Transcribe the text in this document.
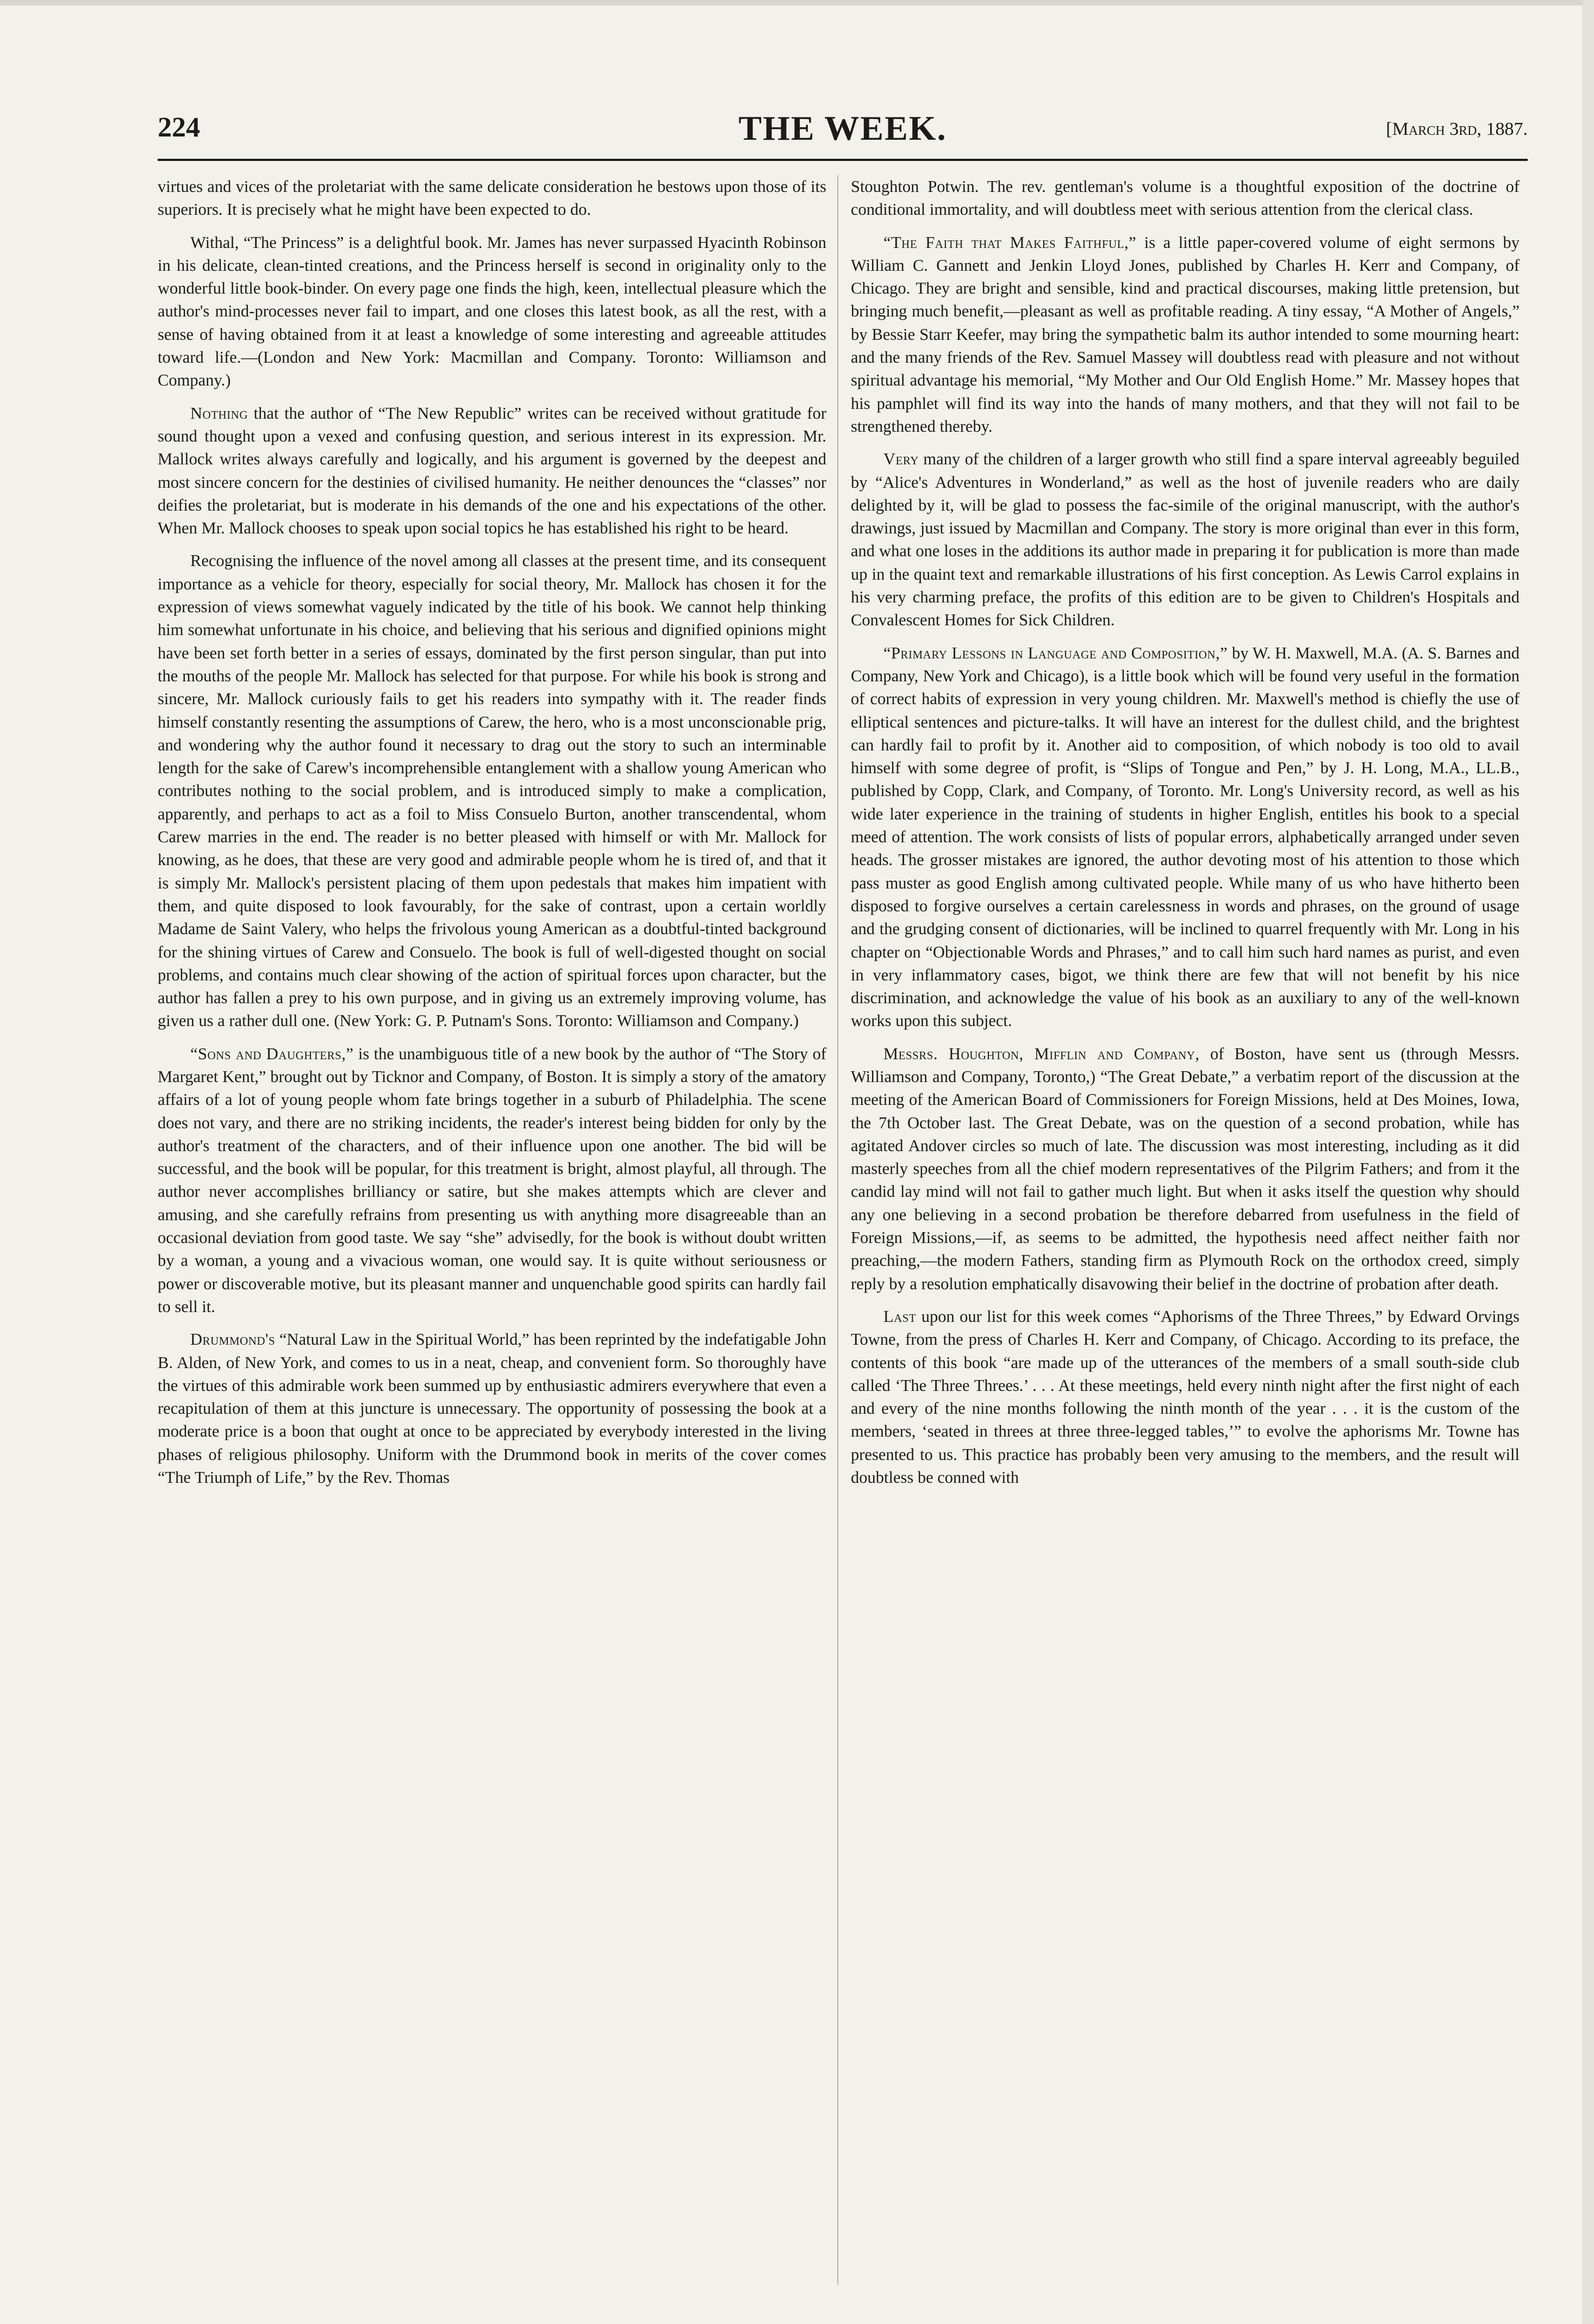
224	THE WEEK.	[March 3rd, 1887.

virtues and vices of the proletariat with the same delicate consideration he bestows upon those of its superiors. It is precisely what he might have been expected to do.

Withal, “The Princess” is a delightful book. Mr. James has never surpassed Hyacinth Robinson in his delicate, clean-tinted creations, and the Princess herself is second in originality only to the wonderful little book-binder. On every page one finds the high, keen, intellectual pleasure which the author's mind-processes never fail to impart, and one closes this latest book, as all the rest, with a sense of having obtained from it at least a knowledge of some interesting and agreeable attitudes toward life.—(London and New York: Macmillan and Company. Toronto: Williamson and Company.)

Nothing that the author of “The New Republic” writes can be received without gratitude for sound thought upon a vexed and confusing question, and serious interest in its expression. Mr. Mallock writes always carefully and logically, and his argument is governed by the deepest and most sincere concern for the destinies of civilised humanity. He neither denounces the “classes” nor deifies the proletariat, but is moderate in his demands of the one and his expectations of the other. When Mr. Mallock chooses to speak upon social topics he has established his right to be heard.

Recognising the influence of the novel among all classes at the present time, and its consequent importance as a vehicle for theory, especially for social theory, Mr. Mallock has chosen it for the expression of views somewhat vaguely indicated by the title of his book. We cannot help thinking him somewhat unfortunate in his choice, and believing that his serious and dignified opinions might have been set forth better in a series of essays, dominated by the first person singular, than put into the mouths of the people Mr. Mallock has selected for that purpose. For while his book is strong and sincere, Mr. Mallock curiously fails to get his readers into sympathy with it. The reader finds himself constantly resenting the assumptions of Carew, the hero, who is a most unconscionable prig, and wondering why the author found it necessary to drag out the story to such an interminable length for the sake of Carew's incomprehensible entanglement with a shallow young American who contributes nothing to the social problem, and is introduced simply to make a complication, apparently, and perhaps to act as a foil to Miss Consuelo Burton, another transcendental, whom Carew marries in the end. The reader is no better pleased with himself or with Mr. Mallock for knowing, as he does, that these are very good and admirable people whom he is tired of, and that it is simply Mr. Mallock's persistent placing of them upon pedestals that makes him impatient with them, and quite disposed to look favourably, for the sake of contrast, upon a certain worldly Madame de Saint Valery, who helps the frivolous young American as a doubtful-tinted background for the shining virtues of Carew and Consuelo. The book is full of well-digested thought on social problems, and contains much clear showing of the action of spiritual forces upon character, but the author has fallen a prey to his own purpose, and in giving us an extremely improving volume, has given us a rather dull one. (New York: G. P. Putnam's Sons. Toronto: Williamson and Company.)

“Sons and Daughters,” is the unambiguous title of a new book by the author of “The Story of Margaret Kent,” brought out by Ticknor and Company, of Boston. It is simply a story of the amatory affairs of a lot of young people whom fate brings together in a suburb of Philadelphia. The scene does not vary, and there are no striking incidents, the reader's interest being bidden for only by the author's treatment of the characters, and of their influence upon one another. The bid will be successful, and the book will be popular, for this treatment is bright, almost playful, all through. The author never accomplishes brilliancy or satire, but she makes attempts which are clever and amusing, and she carefully refrains from presenting us with anything more disagreeable than an occasional deviation from good taste. We say “she” advisedly, for the book is without doubt written by a woman, a young and a vivacious woman, one would say. It is quite without seriousness or power or discoverable motive, but its pleasant manner and unquenchable good spirits can hardly fail to sell it.

Drummond's “Natural Law in the Spiritual World,” has been reprinted by the indefatigable John B. Alden, of New York, and comes to us in a neat, cheap, and convenient form. So thoroughly have the virtues of this admirable work been summed up by enthusiastic admirers everywhere that even a recapitulation of them at this juncture is unnecessary. The opportunity of possessing the book at a moderate price is a boon that ought at once to be appreciated by everybody interested in the living phases of religious philosophy. Uniform with the Drummond book in merits of the cover comes “The Triumph of Life,” by the Rev. Thomas

Stoughton Potwin. The rev. gentleman's volume is a thoughtful exposition of the doctrine of conditional immortality, and will doubtless meet with serious attention from the clerical class.

“The Faith that Makes Faithful,” is a little paper-covered volume of eight sermons by William C. Gannett and Jenkin Lloyd Jones, published by Charles H. Kerr and Company, of Chicago. They are bright and sensible, kind and practical discourses, making little pretension, but bringing much benefit,—pleasant as well as profitable reading. A tiny essay, “A Mother of Angels,” by Bessie Starr Keefer, may bring the sympathetic balm its author intended to some mourning heart: and the many friends of the Rev. Samuel Massey will doubtless read with pleasure and not without spiritual advantage his memorial, “My Mother and Our Old English Home.” Mr. Massey hopes that his pamphlet will find its way into the hands of many mothers, and that they will not fail to be strengthened thereby.

Very many of the children of a larger growth who still find a spare interval agreeably beguiled by “Alice's Adventures in Wonderland,” as well as the host of juvenile readers who are daily delighted by it, will be glad to possess the fac-simile of the original manuscript, with the author's drawings, just issued by Macmillan and Company. The story is more original than ever in this form, and what one loses in the additions its author made in preparing it for publication is more than made up in the quaint text and remarkable illustrations of his first conception. As Lewis Carrol explains in his very charming preface, the profits of this edition are to be given to Children's Hospitals and Convalescent Homes for Sick Children.

“Primary Lessons in Language and Composition,” by W. H. Maxwell, M.A. (A. S. Barnes and Company, New York and Chicago), is a little book which will be found very useful in the formation of correct habits of expression in very young children. Mr. Maxwell's method is chiefly the use of elliptical sentences and picture-talks. It will have an interest for the dullest child, and the brightest can hardly fail to profit by it. Another aid to composition, of which nobody is too old to avail himself with some degree of profit, is “Slips of Tongue and Pen,” by J. H. Long, M.A., LL.B., published by Copp, Clark, and Company, of Toronto. Mr. Long's University record, as well as his wide later experience in the training of students in higher English, entitles his book to a special meed of attention. The work consists of lists of popular errors, alphabetically arranged under seven heads. The grosser mistakes are ignored, the author devoting most of his attention to those which pass muster as good English among cultivated people. While many of us who have hitherto been disposed to forgive ourselves a certain carelessness in words and phrases, on the ground of usage and the grudging consent of dictionaries, will be inclined to quarrel frequently with Mr. Long in his chapter on “Objectionable Words and Phrases,” and to call him such hard names as purist, and even in very inflammatory cases, bigot, we think there are few that will not benefit by his nice discrimination, and acknowledge the value of his book as an auxiliary to any of the well-known works upon this subject.

Messrs. Houghton, Mifflin and Company, of Boston, have sent us (through Messrs. Williamson and Company, Toronto,) “The Great Debate,” a verbatim report of the discussion at the meeting of the American Board of Commissioners for Foreign Missions, held at Des Moines, Iowa, the 7th October last. The Great Debate, was on the question of a second probation, while has agitated Andover circles so much of late. The discussion was most interesting, including as it did masterly speeches from all the chief modern representatives of the Pilgrim Fathers; and from it the candid lay mind will not fail to gather much light. But when it asks itself the question why should any one believing in a second probation be therefore debarred from usefulness in the field of Foreign Missions,—if, as seems to be admitted, the hypothesis need affect neither faith nor preaching,—the modern Fathers, standing firm as Plymouth Rock on the orthodox creed, simply reply by a resolution emphatically disavowing their belief in the doctrine of probation after death.

Last upon our list for this week comes “Aphorisms of the Three Threes,” by Edward Orvings Towne, from the press of Charles H. Kerr and Company, of Chicago. According to its preface, the contents of this book “are made up of the utterances of the members of a small south-side club called ‘The Three Threes.’ . . . At these meetings, held every ninth night after the first night of each and every of the nine months following the ninth month of the year . . . it is the custom of the members, ‘seated in threes at three three-legged tables,’” to evolve the aphorisms Mr. Towne has presented to us. This practice has probably been very amusing to the members, and the result will doubtless be conned with
